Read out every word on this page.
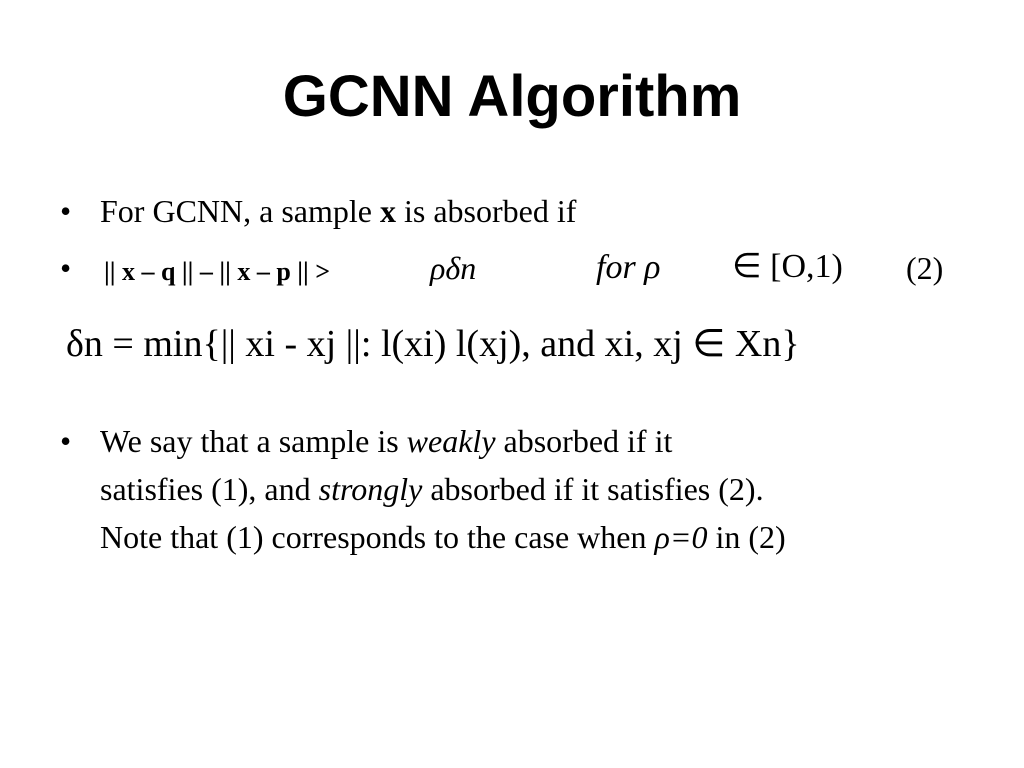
GCNN Algorithm
• For GCNN, a sample x is absorbed if
• || x – q || – || x – p || >	ρδn	for ρ ∈ [O,1) (2)
δn = min{|| xi - xj ||: l(xi) l(xj), and xi, xj ∈ Xn}
• We say that a sample is weakly absorbed if it
satisfies (1), and strongly absorbed if it satisfies (2).
Note that (1) corresponds to the case when ρ=0 in (2)
